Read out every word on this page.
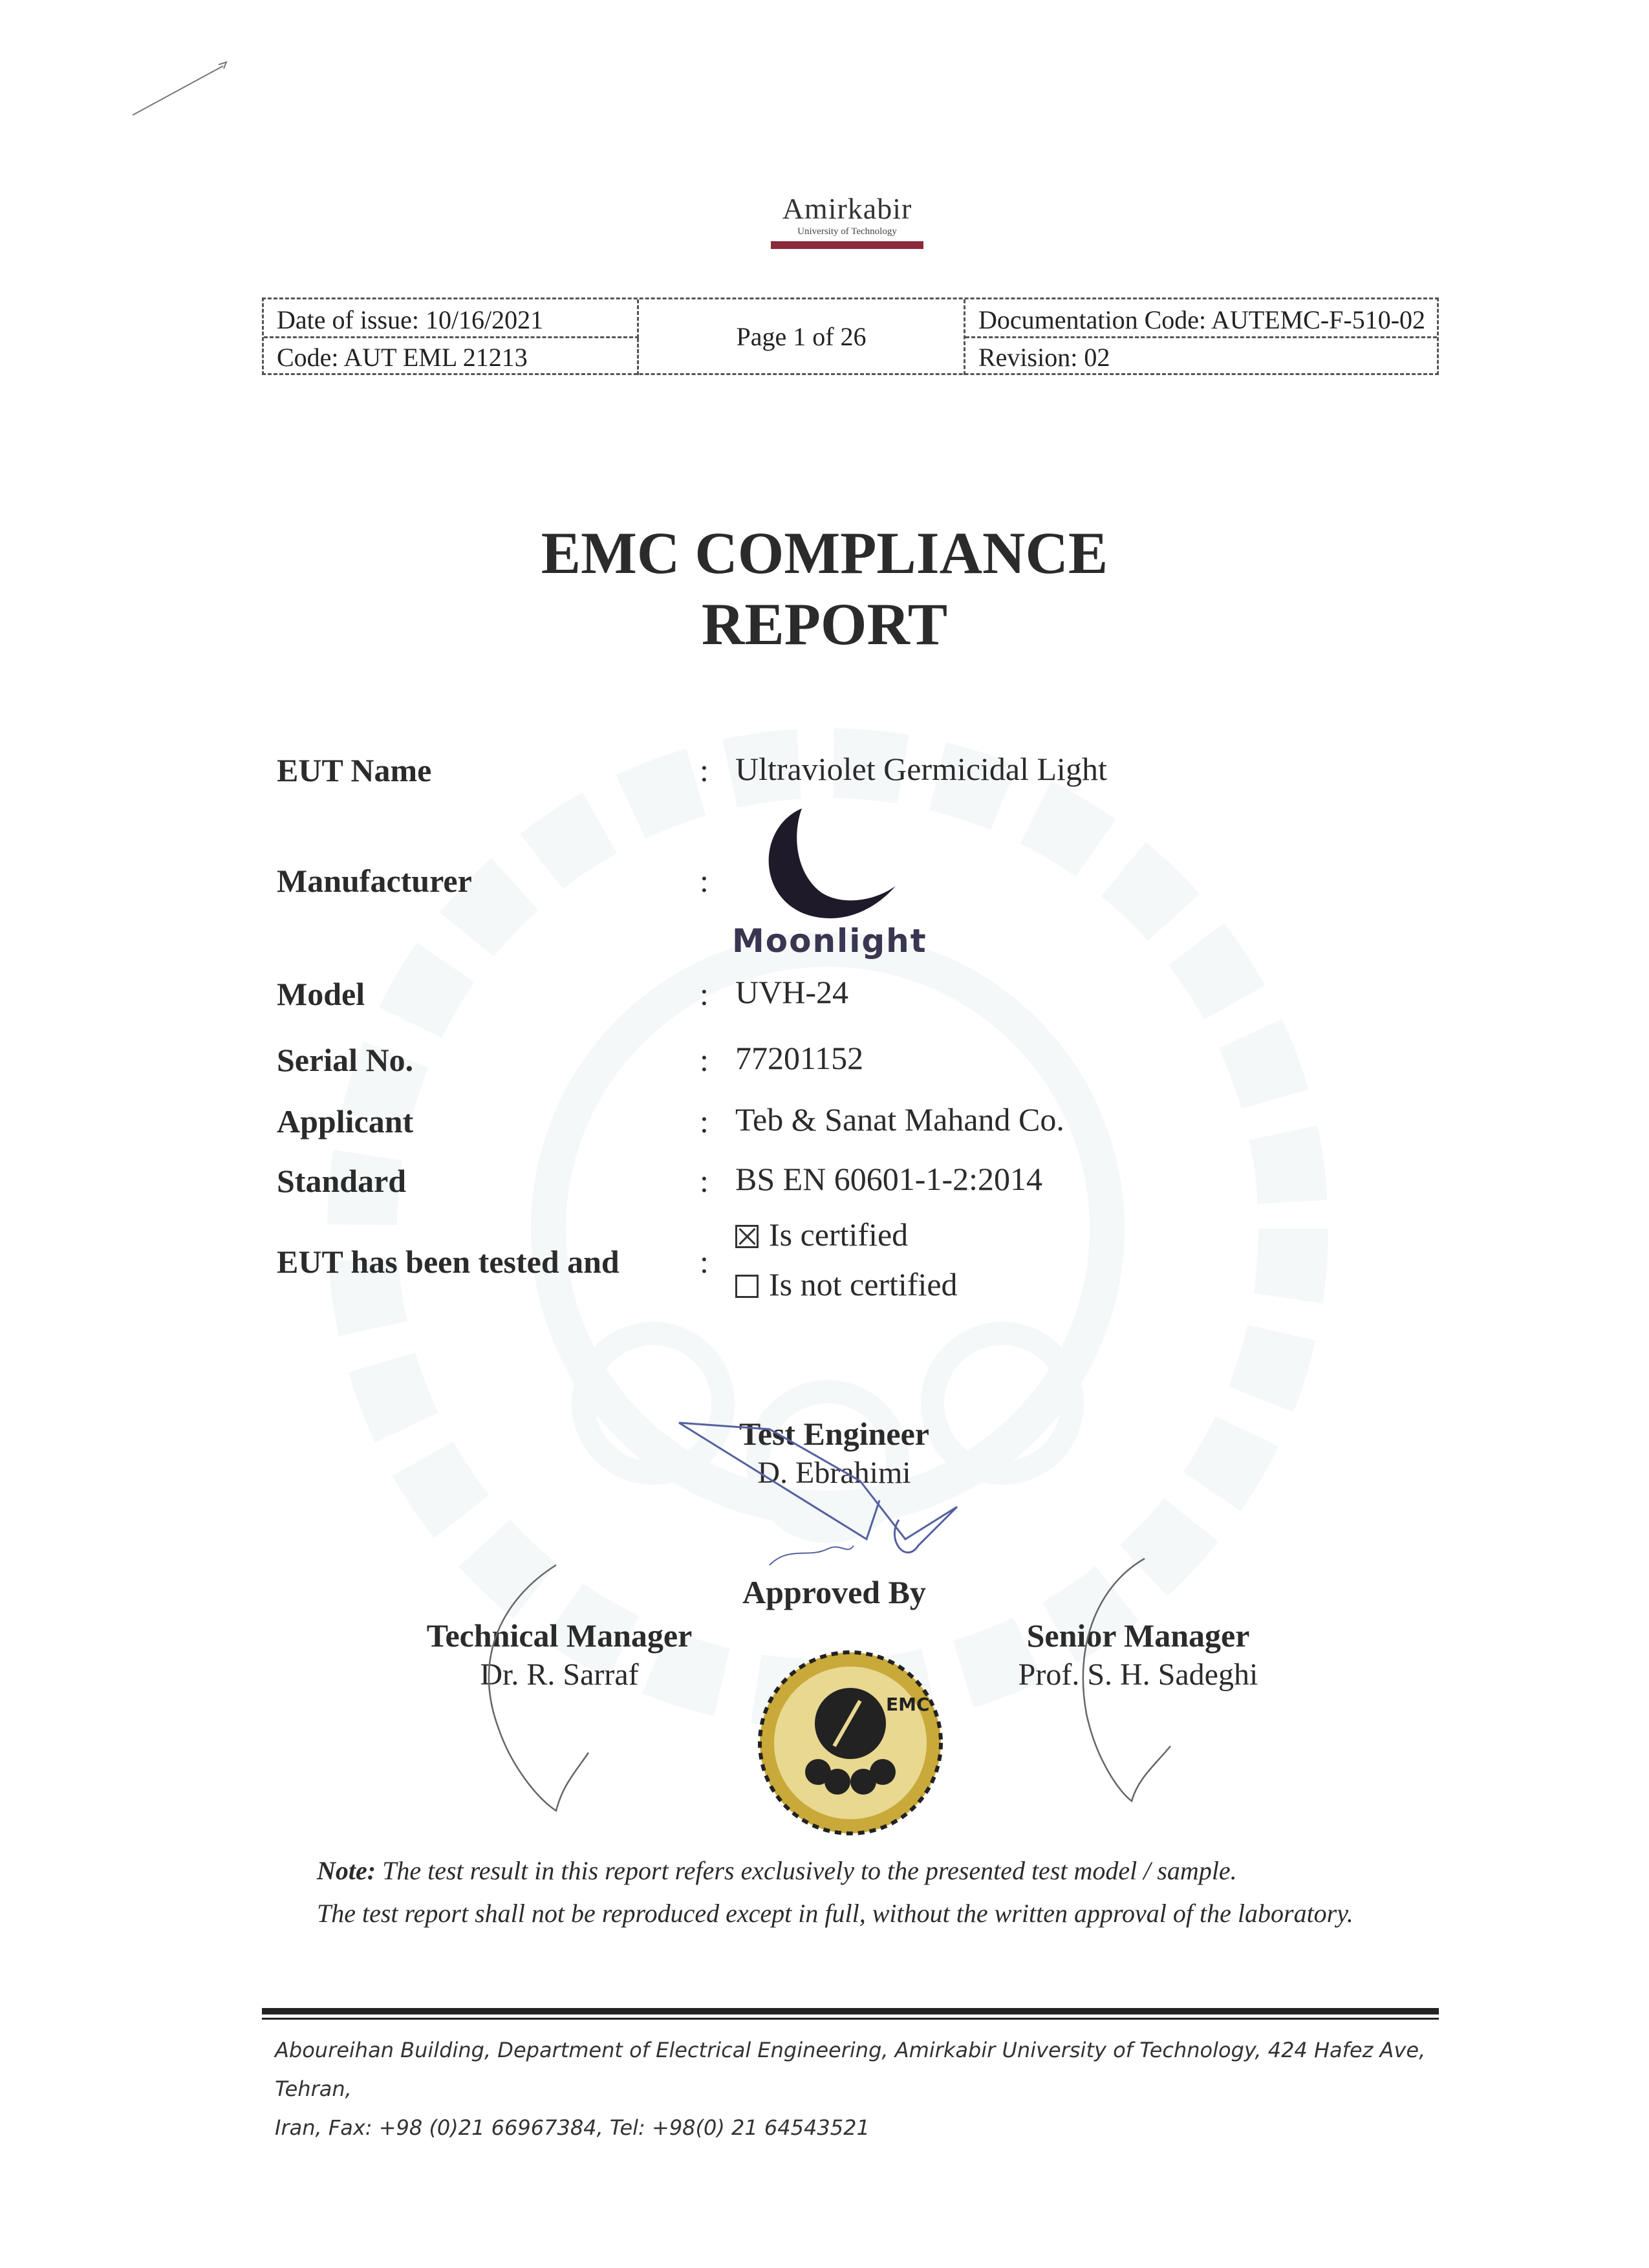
Amirkabir
University of Technology
Date of issue: 10/16/2021
Code: AUT EML 21213
Page 1 of 26
Documentation Code: AUTEMC-F-510-02
Revision: 02
EMC COMPLIANCE
REPORT
EUT Name	: Ultraviolet Germicidal Light
Manufacturer	:
Moonlight
Model	: UVH-24
Serial No.	: 77201152
Applicant	: Teb & Sanat Mahand Co.
Standard	: BS EN 60601-1-2:2014
EUT has been tested and :
Is certified
Is not certified
Test Engineer
D. Ebrahimi
Approved By
Technical Manager
Dr. R. Sarraf
Senior Manager
Prof. S. H. Sadeghi
EMC
Note: The test result in this report refers exclusively to the presented test model / sample.
The test report shall not be reproduced except in full, without the written approval of the laboratory.
Aboureihan Building, Department of Electrical Engineering, Amirkabir University of Technology, 424 Hafez Ave, Tehran,
Iran, Fax: +98 (0)21 66967384, Tel: +98(0) 21 64543521
